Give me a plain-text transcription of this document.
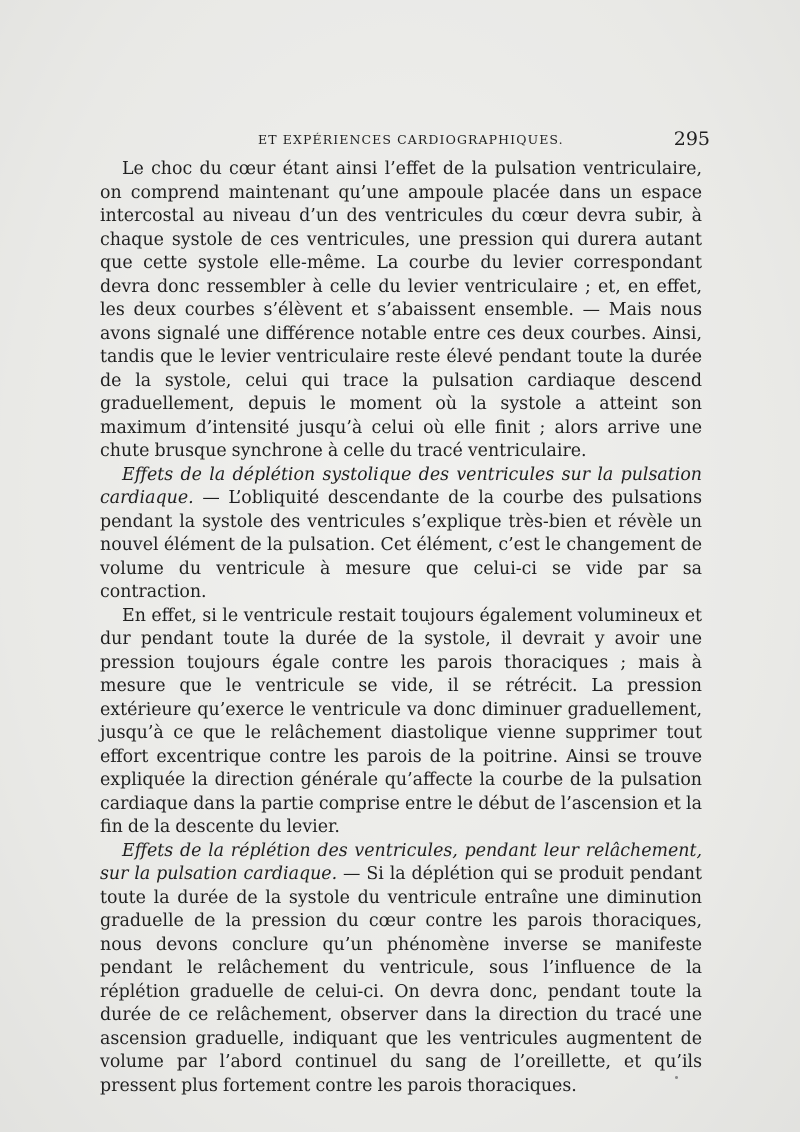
ET EXPÉRIENCES CARDIOGRAPHIQUES.	295

Le choc du cœur étant ainsi l’effet de la pulsation ventriculaire, on comprend maintenant qu’une ampoule placée dans un espace intercostal au niveau d’un des ventricules du cœur devra subir, à chaque systole de ces ventricules, une pression qui durera autant que cette systole elle-même. La courbe du levier correspondant devra donc ressembler à celle du levier ventriculaire ; et, en effet, les deux courbes s’élèvent et s’abaissent ensemble. — Mais nous avons signalé une différence notable entre ces deux courbes. Ainsi, tandis que le levier ventriculaire reste élevé pendant toute la durée de la systole, celui qui trace la pulsation cardiaque descend graduellement, depuis le moment où la systole a atteint son maximum d’intensité jusqu’à celui où elle finit ; alors arrive une chute brusque synchrone à celle du tracé ventriculaire.

Effets de la déplétion systolique des ventricules sur la pulsation cardiaque. — L’obliquité descendante de la courbe des pulsations pendant la systole des ventricules s’explique très-bien et révèle un nouvel élément de la pulsation. Cet élément, c’est le changement de volume du ventricule à mesure que celui-ci se vide par sa contraction.

En effet, si le ventricule restait toujours également volumineux et dur pendant toute la durée de la systole, il devrait y avoir une pression toujours égale contre les parois thoraciques ; mais à mesure que le ventricule se vide, il se rétrécit. La pression extérieure qu’exerce le ventricule va donc diminuer graduellement, jusqu’à ce que le relâchement diastolique vienne supprimer tout effort excentrique contre les parois de la poitrine. Ainsi se trouve expliquée la direction générale qu’affecte la courbe de la pulsation cardiaque dans la partie comprise entre le début de l’ascension et la fin de la descente du levier.

Effets de la réplétion des ventricules, pendant leur relâchement, sur la pulsation cardiaque. — Si la déplétion qui se produit pendant toute la durée de la systole du ventricule entraîne une diminution graduelle de la pression du cœur contre les parois thoraciques, nous devons conclure qu’un phénomène inverse se manifeste pendant le relâchement du ventricule, sous l’influence de la réplétion graduelle de celui-ci. On devra donc, pendant toute la durée de ce relâchement, observer dans la direction du tracé une ascension graduelle, indiquant que les ventricules augmentent de volume par l’abord continuel du sang de l’oreillette, et qu’ils pressent plus fortement contre les parois thoraciques.
